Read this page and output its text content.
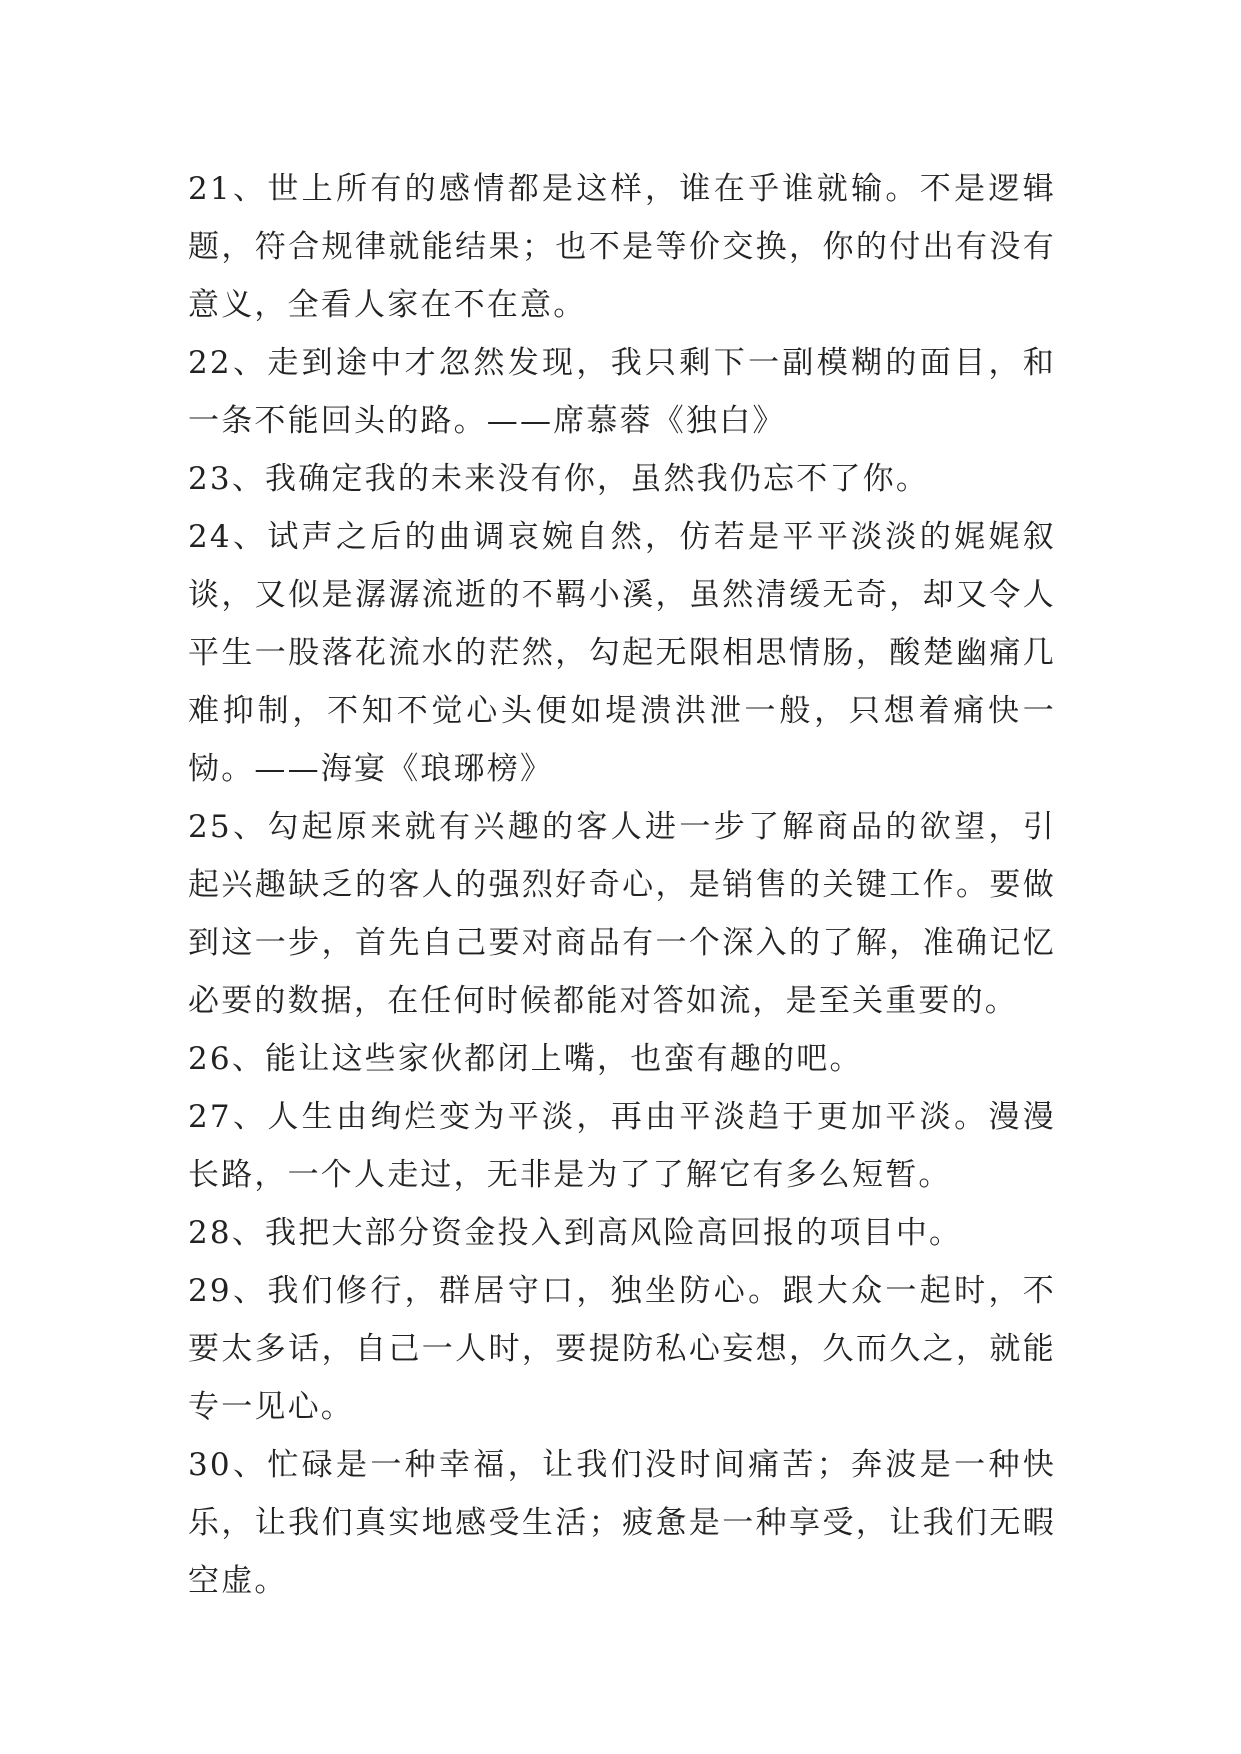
21、世上所有的感情都是这样，谁在乎谁就输。不是逻辑题，符合规律就能结果；也不是等价交换，你的付出有没有意义，全看人家在不在意。

22、走到途中才忽然发现，我只剩下一副模糊的面目，和一条不能回头的路。——席慕蓉《独白》

23、我确定我的未来没有你，虽然我仍忘不了你。

24、试声之后的曲调哀婉自然，仿若是平平淡淡的娓娓叙谈，又似是潺潺流逝的不羁小溪，虽然清缓无奇，却又令人平生一股落花流水的茫然，勾起无限相思情肠，酸楚幽痛几难抑制，不知不觉心头便如堤溃洪泄一般，只想着痛快一恸。——海宴《琅琊榜》

25、勾起原来就有兴趣的客人进一步了解商品的欲望，引起兴趣缺乏的客人的强烈好奇心，是销售的关键工作。要做到这一步，首先自己要对商品有一个深入的了解，准确记忆必要的数据，在任何时候都能对答如流，是至关重要的。

26、能让这些家伙都闭上嘴，也蛮有趣的吧。

27、人生由绚烂变为平淡，再由平淡趋于更加平淡。漫漫长路，一个人走过，无非是为了了解它有多么短暂。

28、我把大部分资金投入到高风险高回报的项目中。

29、我们修行，群居守口，独坐防心。跟大众一起时，不要太多话，自己一人时，要提防私心妄想，久而久之，就能专一见心。

30、忙碌是一种幸福，让我们没时间痛苦；奔波是一种快乐，让我们真实地感受生活；疲惫是一种享受，让我们无暇空虚。
